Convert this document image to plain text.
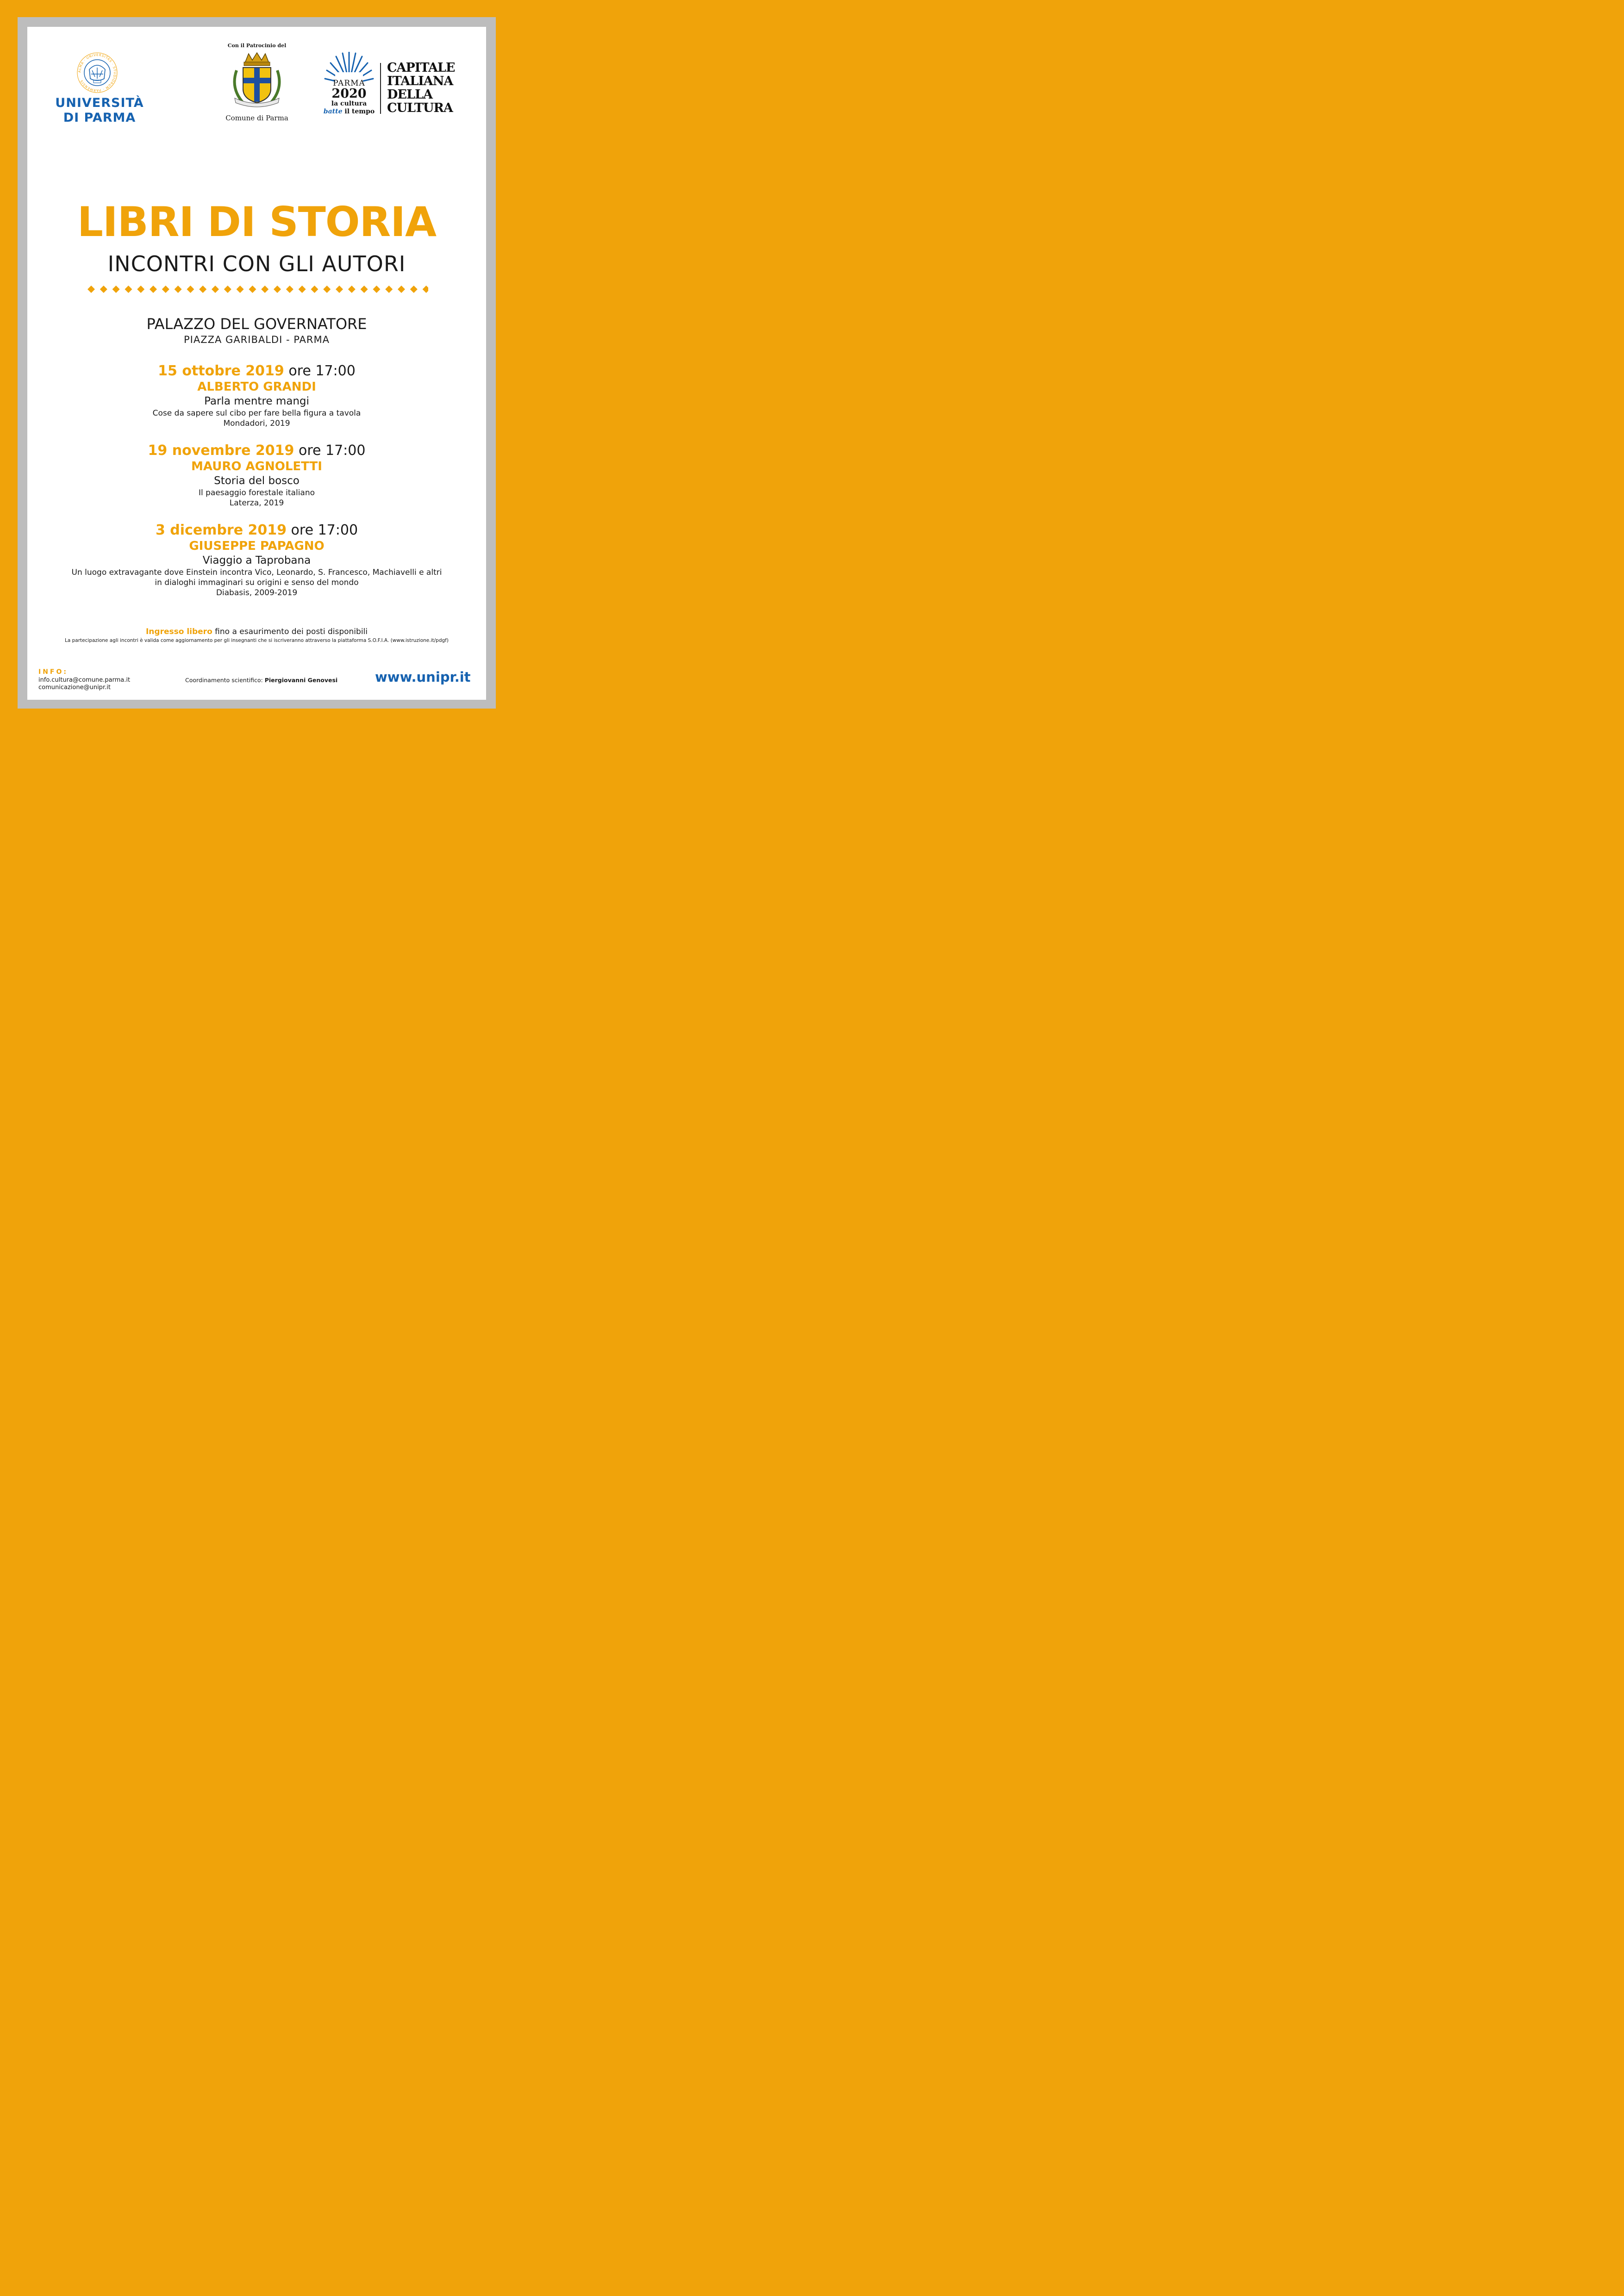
ALMA · UNIVERSITAS · STUDIORUM · PARMENSIS
UNIVERSITÀ
DI PARMA
Con il Patrocinio del
Comune di Parma
PARMA
2020
la cultura
batte il tempo
CAPITALE
ITALIANA
DELLA
CULTURA
LIBRI DI STORIA
INCONTRI CON GLI AUTORI
PALAZZO DEL GOVERNATORE
PIAZZA GARIBALDI - PARMA
15 ottobre 2019 ore 17:00
ALBERTO GRANDI
Parla mentre mangi
Cose da sapere sul cibo per fare bella figura a tavola
Mondadori, 2019
19 novembre 2019 ore 17:00
MAURO AGNOLETTI
Storia del bosco
Il paesaggio forestale italiano
Laterza, 2019
3 dicembre 2019 ore 17:00
GIUSEPPE PAPAGNO
Viaggio a Taprobana
Un luogo extravagante dove Einstein incontra Vico, Leonardo, S. Francesco, Machiavelli e altri
in dialoghi immaginari su origini e senso del mondo
Diabasis, 2009-2019
Ingresso libero fino a esaurimento dei posti disponibili
La partecipazione agli incontri è valida come aggiornamento per gli insegnanti che si iscriveranno attraverso la piattaforma S.O.F.I.A. (www.istruzione.it/pdgf)
INFO:
info.cultura@comune.parma.it
comunicazione@unipr.it
Coordinamento scientifico: Piergiovanni Genovesi	www.unipr.it
